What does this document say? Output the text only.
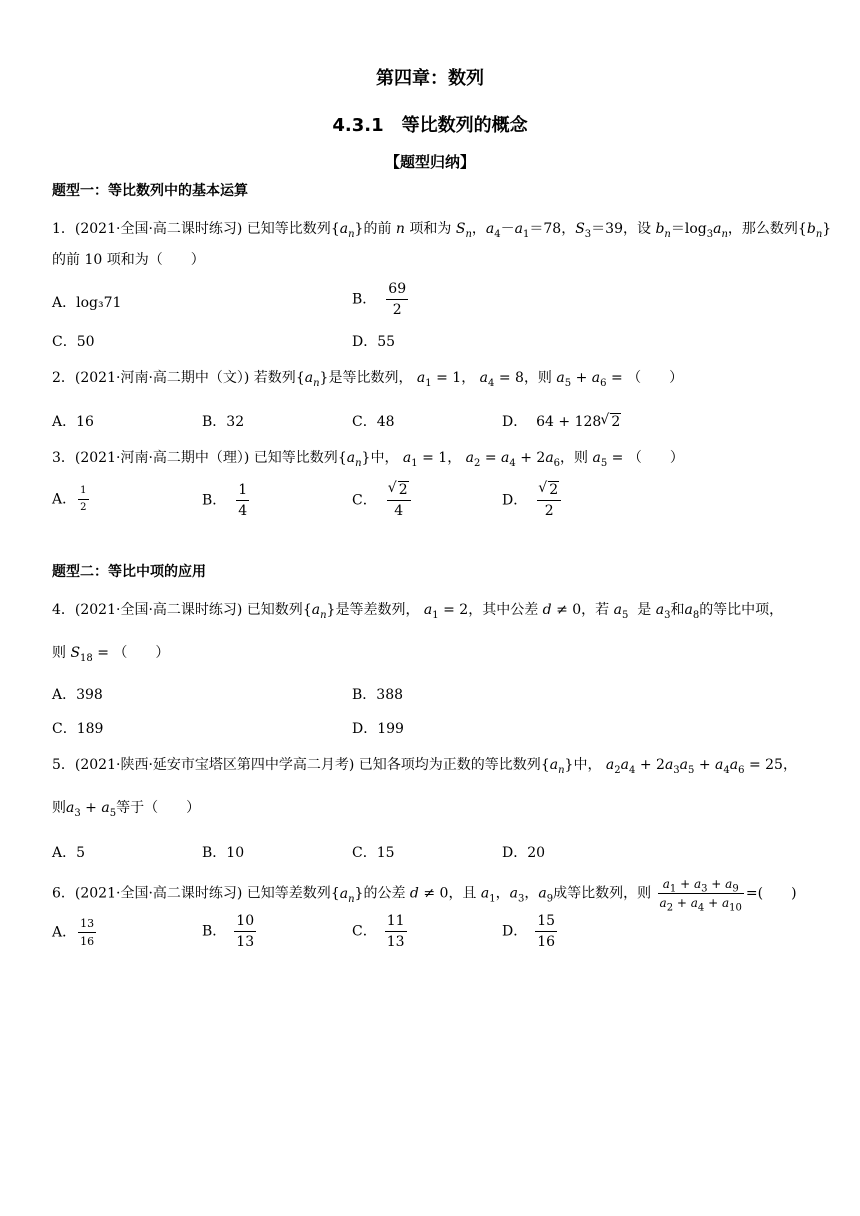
第四章：数列
4.3.1　等比数列的概念
【题型归纳】
题型一：等比数列中的基本运算
1．(2021·全国·高二课时练习) 已知等比数列$\{a_n\}$的前 n 项和为 $S_n$，$a_4-a_1=78$，$S_3=39$，设 $b_n=\log_3a_n$，那么数列$\{b_n\}$
的前 10 项和为（　　）
A．log₃71	B． $\frac{69}{2}$
C．50	D．55
2．(2021·河南·高二期中（文）) 若数列$\{a_n\}$是等比数列， $a_1 = 1$， $a_4 = 8$，则 $a_5 + a_6$ = （　　）
A．16	B．32	C．48	D．  64 + 128 √ 2
3．(2021·河南·高二期中（理）) 已知等比数列$\{a_n\}$中， $a_1 = 1$， $a_2 = a_4 + 2a_6$，则 $a_5$ = （　　）
A． $\frac{1}{2}$	B． $\frac{1}{4}$	C． √ $\frac{2}{4}$	D． √ $\frac{2}{2}$
题型二：等比中项的应用
4．(2021·全国·高二课时练习) 已知数列$\{a_n\}$是等差数列， $a_1 = 2$，其中公差 d ≠ 0，若 $a_5$ 是 $a_3$和$a_8$的等比中项，
则 $S_{18}$ = （　　）
A．398	B．388
C．189	D．199
5．(2021·陕西·延安市宝塔区第四中学高二月考) 已知各项均为正数的等比数列$\{a_n\}$中， $a_2a_4 + 2a_3a_5 + a_4a_6 = 25$，
则$a_3 + a_5$等于（　　）
A．5	B．10	C．15	D．20
6．(2021·全国·高二课时练习) 已知等差数列$\{a_n\}$的公差 d ≠ 0，且 $a_1$，$a_3$，$a_9$成等比数列，则 $\frac{a_1 + a_3 + a_9}{a_2 + a_4 + a_{10}}$ =(　　)
A． $\frac{13}{16}$	B． $\frac{10}{13}$	C． $\frac{11}{13}$	D． $\frac{15}{16}$
